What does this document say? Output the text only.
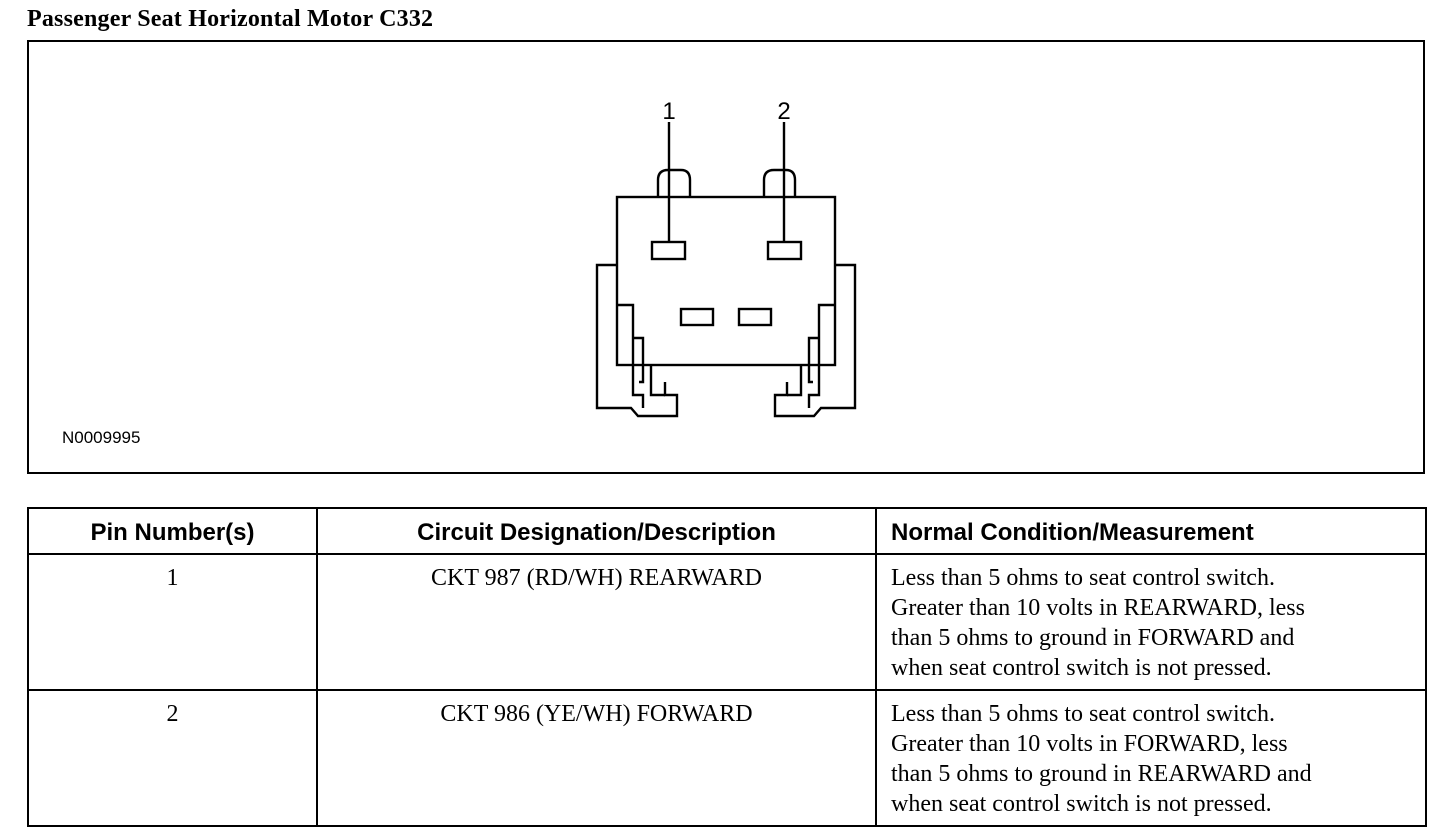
Passenger Seat Horizontal Motor C332
1	2
N0009995
Pin Number(s)	Circuit Designation/Description	Normal Condition/Measurement
1	CKT 987 (RD/WH) REARWARD	Less than 5 ohms to seat control switch.
Greater than 10 volts in REARWARD, less
than 5 ohms to ground in FORWARD and
when seat control switch is not pressed.

2	CKT 986 (YE/WH) FORWARD	Less than 5 ohms to seat control switch.
Greater than 10 volts in FORWARD, less
than 5 ohms to ground in REARWARD and
when seat control switch is not pressed.
